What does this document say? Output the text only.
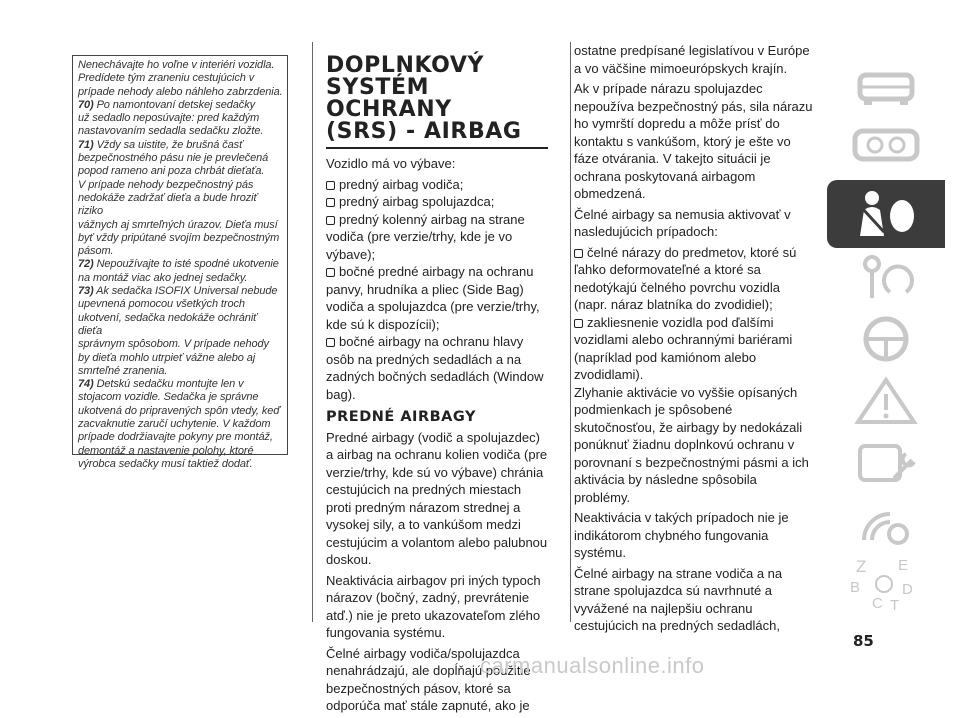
Nenechávajte ho voľne v interiéri vozidla.

Predídete tým zraneniu cestujúcich v

prípade nehody alebo náhleho zabrzdenia.

70) Po namontovaní detskej sedačky

už sedadlo neposúvajte: pred každým

nastavovaním sedadla sedačku zložte.

71) Vždy sa uistite, že brušná časť

bezpečnostného pásu nie je prevlečená

popod rameno ani poza chrbát dieťaťa.

V prípade nehody bezpečnostný pás

nedokáže zadržať dieťa a bude hroziť riziko

vážnych aj smrteľných úrazov. Dieťa musí

byť vždy pripútané svojím bezpečnostným

pásom.

72) Nepoužívajte to isté spodné ukotvenie

na montáž viac ako jednej sedačky.

73) Ak sedačka ISOFIX Universal nebude

upevnená pomocou všetkých troch

ukotvení, sedačka nedokáže ochrániť dieťa

správnym spôsobom. V prípade nehody

by dieťa mohlo utrpieť vážne alebo aj

smrteľné zranenia.

74) Detskú sedačku montujte len v

stojacom vozidle. Sedačka je správne

ukotvená do pripravených spôn vtedy, keď

zacvaknutie zaručí uchytenie. V každom

prípade dodržiavajte pokyny pre montáž,

demontáž a nastavenie polohy, ktoré

výrobca sedačky musí taktiež dodať.

DOPLNKOVÝ
SYSTÉM OCHRANY
(SRS) - AIRBAG

Vozidlo má vo výbave:

predný airbag vodiča;

predný airbag spolujazdca;

predný kolenný airbag na strane vodiča (pre verzie/trhy, kde je vo výbave);

bočné predné airbagy na ochranu panvy, hrudníka a pliec (Side Bag) vodiča a spolujazdca (pre verzie/trhy, kde sú k dispozícii);

bočné airbagy na ochranu hlavy osôb na predných sedadlách a na zadných bočných sedadlách (Window bag).

PREDNÉ AIRBAGY

Predné airbagy (vodič a spolujazdec) a airbag na ochranu kolien vodiča (pre verzie/trhy, kde sú vo výbave) chránia cestujúcich na predných miestach proti predným nárazom strednej a vysokej sily, a to vankúšom medzi cestujúcim a volantom alebo palubnou doskou.

Neaktivácia airbagov pri iných typoch nárazov (bočný, zadný, prevrátenie atď.) nie je preto ukazovateľom zlého fungovania systému.

Čelné airbagy vodiča/spolujazdca nenahrádzajú, ale dopĺňajú použitie bezpečnostných pásov, ktoré sa odporúča mať stále zapnuté, ako je

ostatne predpísané legislatívou v Európe a vo väčšine mimoeurópskych krajín.

Ak v prípade nárazu spolujazdec nepoužíva bezpečnostný pás, sila nárazu ho vymrští dopredu a môže prísť do kontaktu s vankúšom, ktorý je ešte vo fáze otvárania. V takejto situácii je ochrana poskytovaná airbagom obmedzená.

Čelné airbagy sa nemusia aktivovať v nasledujúcich prípadoch:

čelné nárazy do predmetov, ktoré sú ľahko deformovateľné a ktoré sa nedotýkajú čelného povrchu vozidla (napr. náraz blatníka do zvodidiel);

zakliesnenie vozidla pod ďalšími vozidlami alebo ochrannými bariérami (napríklad pod kamiónom alebo zvodidlami).

Zlyhanie aktivácie vo vyššie opísaných podmienkach je spôsobené skutočnosťou, že airbagy by nedokázali ponúknuť žiadnu doplnkovú ochranu v porovnaní s bezpečnostnými pásmi a ich aktivácia by následne spôsobila problémy.

Neaktivácia v takých prípadoch nie je indikátorom chybného fungovania systému.

Čelné airbagy na strane vodiča a na strane spolujazdca sú navrhnuté a vyvážené na najlepšiu ochranu cestujúcich na predných sedadlách,

Z E
B
C
D
T
85
carmanualsonline.info
